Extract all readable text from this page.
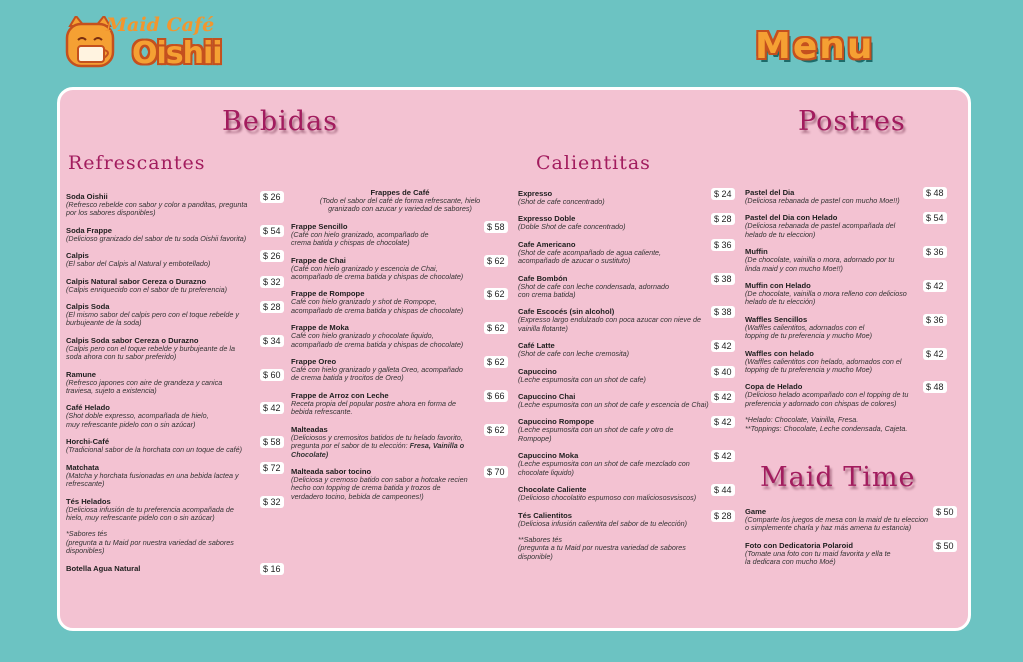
Maid Café
Oishii	Menu
Bebidas
Refrescantes	Calientitas
Postres
Maid Time
Soda Oishii
(Refresco rebelde con sabor y color a panditas, pregunta
por los sabores disponibles)
$ 26
Soda Frappe
(Delicioso granizado del sabor de tu soda Oishii favorita)
$ 54
Calpis
(El sabor del Calpis al Natural y embotellado)
$ 26
Calpis Natural sabor Cereza o Durazno
(Calpis enriquecido con el sabor de tu preferencia)
$ 32
Calpis Soda
(El mismo sabor del calpis pero con el toque rebelde y
burbujeante de la soda)
$ 28
Calpis Soda sabor Cereza o Durazno
(Calpis pero con el toque rebelde y burbujeante de la
soda ahora con tu sabor preferido)
$ 34
Ramune
(Refresco japones con aire de grandeza y canica
traviesa, sujeto a existencia)
$ 60
Café Helado
(Shot doble expresso, acompañada de hielo,
muy refrescante pidelo con o sin azúcar)
$ 42
Horchi-Café
(Tradicional sabor de la horchata con un toque de café)
$ 58
Matchata
(Matcha y horchata fusionadas en una bebida lactea y
refrescante)
$ 72
Tés Helados
(Deliciosa infusión de tu preferencia acompañada de
hielo, muy refrescante pidelo con o sin azúcar)
$ 32
*Sabores tés
(pregunta a tu Maid por nuestra variedad de sabores
disponibles)
Botella Agua Natural	$ 16
Frappes de Café
(Todo el sabor del café de forma refrescante, hielo
granizado con azucar y variedad de sabores)
Frappe Sencillo
(Café con hielo granizado, acompañado de
crema batida y chispas de chocolate)
$ 58
Frappe de Chai
(Café con hielo granizado y escencia de Chai,
acompañado de crema batida y chispas de chocolate)
$ 62
Frappe de Rompope
Café con hielo granizado y shot de Rompope,
acompañado de crema batida y chispas de chocolate)
$ 62
Frappe de Moka
Café con hielo granizado y chocolate liquido,
acompañado de crema batida y chispas de chocolate)
$ 62
Frappe Oreo
Café con hielo granizado y galleta Oreo, acompañado
de crema batida y trocitos de Oreo)
$ 62
Frappe de Arroz con Leche
Receta propia del popular postre ahora en forma de
bebida refrescante.
$ 66
Malteadas
(Deliciosos y cremositos batidos de tu helado favorito,
pregunta por el sabor de tu elección: Fresa, Vainilla o
Chocolate)
$ 62
Malteada sabor tocino
(Deliciosa y cremoso batido con sabor a hotcake recien
hecho con topping de crema batida y trozos de
verdadero tocino, bebida de campeones!)
$ 70
Expresso
(Shot de cafe concentrado)
$ 24
Expresso Doble
(Doble Shot de cafe concentrado)
$ 28
Cafe Americano
(Shot de cafe acompañado de agua caliente,
acompañado de azucar o sustituto)
$ 36
Cafe Bombón
(Shot de cafe con leche condensada, adornado
con crema batida)
$ 38
Cafe Escocés (sin alcohol)
(Expresso largo endulzado con poca azucar con nieve de
vainilla flotante)
$ 38
Café Latte
(Shot de cafe con leche cremosita)
$ 42
Capuccino
(Leche espumosita con un shot de cafe)
$ 40
Capuccino Chai
(Leche espumosita con un shot de cafe y escencia de Chai)
$ 42
Capuccino Rompope
(Leche espumosita con un shot de cafe y otro de
Rompope)
$ 42
Capuccino Moka
(Leche espumosita con un shot de cafe mezclado con
chocolate liquido)
$ 42
Chocolate Caliente
(Delicioso chocolatito espumoso con maliciososvsiscos)
$ 44
Tés Calientitos
(Deliciosa infusión calientita del sabor de tu elección)
$ 28
**Sabores tés
(pregunta a tu Maid por nuestra variedad de sabores
disponible)
Pastel del Dia
(Deliciosa rebanada de pastel con mucho Moe!!)
$ 48
Pastel del Dia con Helado
(Deliciosa rebanada de pastel acompañada del
helado de tu eleccion)
$ 54
Muffin
(De chocolate, vainilla o mora, adornado por tu
linda maid y con mucho Moe!!)
$ 36
Muffin con Helado
(De chocolate, vainilla o mora relleno con delicioso
helado de tu elección)
$ 42
Waffles Sencillos
(Waffles calientitos, adornados con el
topping de tu preferencia y mucho Moe)
$ 36
Waffles con helado
(Waffles calientitos con helado, adornados con el
topping de tu preferencia y mucho Moe)
$ 42
Copa de Helado
(Delicioso helado acompañado con el topping de tu
preferencia y adornado con chispas de colores)
$ 48
*Helado: Chocolate, Vainilla, Fresa.
**Toppings: Chocolate, Leche condensada, Cajeta.
Game
(Comparte los juegos de mesa con la maid de tu eleccion
o simplemente charla y haz más amena tu estancia)
$ 50
Foto con Dedicatoria Polaroid
(Tomate una foto con tu maid favorita y ella te
la dedicara con mucho Moé)
$ 50
